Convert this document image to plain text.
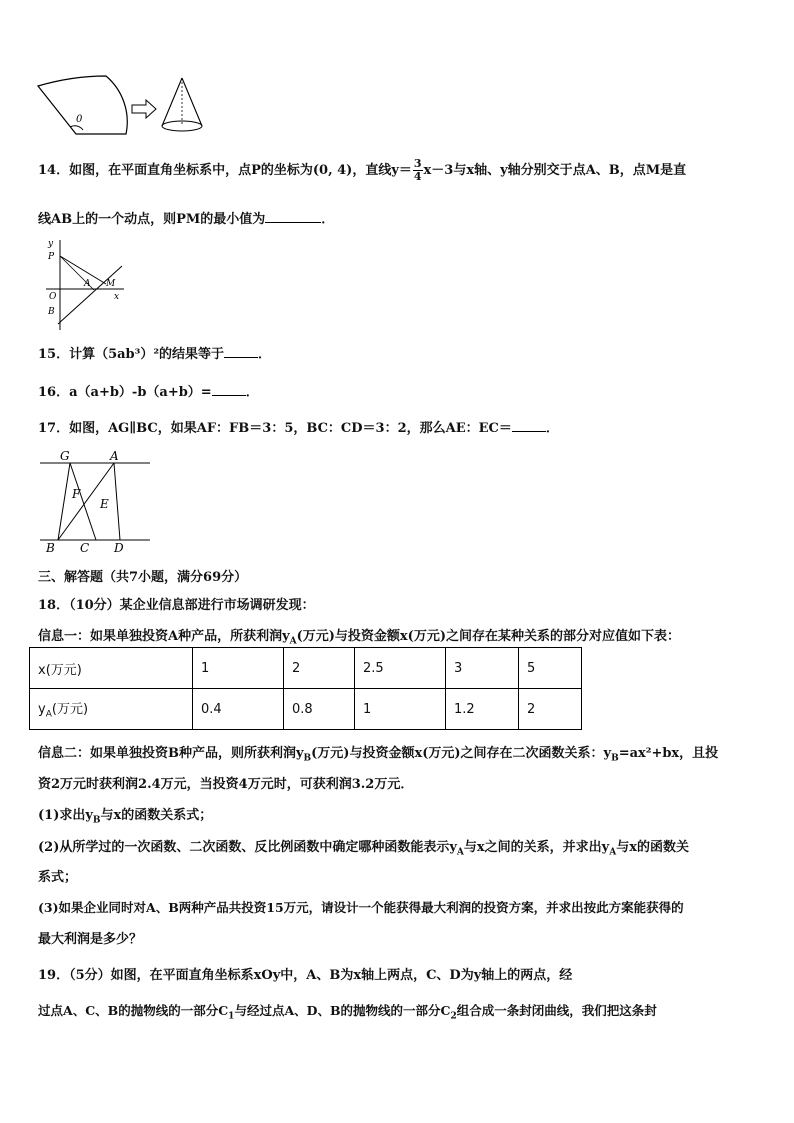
0
14．如图，在平面直角坐标系中，点P的坐标为(0, 4)，直线$y= \frac{3}{4} x-3$与x轴、y轴分别交于点A、B，点M是直
线AB上的一个动点，则PM的最小值为	．
y
P
A M
O	x
B
15．计算（5ab³）²的结果等于	．
16．a（a+b）-b（a+b）=	．
17．如图，AG∥BC，如果AF：FB＝3：5，BC：CD＝3：2，那么AE：EC＝	．
G	A
F
E
B C D
三、解答题（共7小题，满分69分）
18．（10分）某企业信息部进行市场调研发现：
信息一：如果单独投资A种产品，所获利润$y_A$(万元)与投资金额x(万元)之间存在某种关系的部分对应值如下表：
x(万元)	1	2	2.5	3	5
$y_A$(万元)	0.4	0.8	1	1.2	2
信息二：如果单独投资B种产品，则所获利润$y_B$(万元)与投资金额x(万元)之间存在二次函数关系：$y_B=ax^2+bx$，且投
资2万元时获利润2.4万元，当投资4万元时，可获利润3.2万元．
(1)求出$y_B$与x的函数关系式；
(2)从所学过的一次函数、二次函数、反比例函数中确定哪种函数能表示$y_A$与x之间的关系，并求出$y_A$与x的函数关
系式；
(3)如果企业同时对A、B两种产品共投资15万元，请设计一个能获得最大利润的投资方案，并求出按此方案能获得的
最大利润是多少？
19．（5分）如图，在平面直角坐标系xOy中，A、B为x轴上两点，C、D为y轴上的两点，经
过点A、C、B的抛物线的一部分$C_1$与经过点A、D、B的抛物线的一部分$C_2$组合成一条封闭曲线，我们把这条封
